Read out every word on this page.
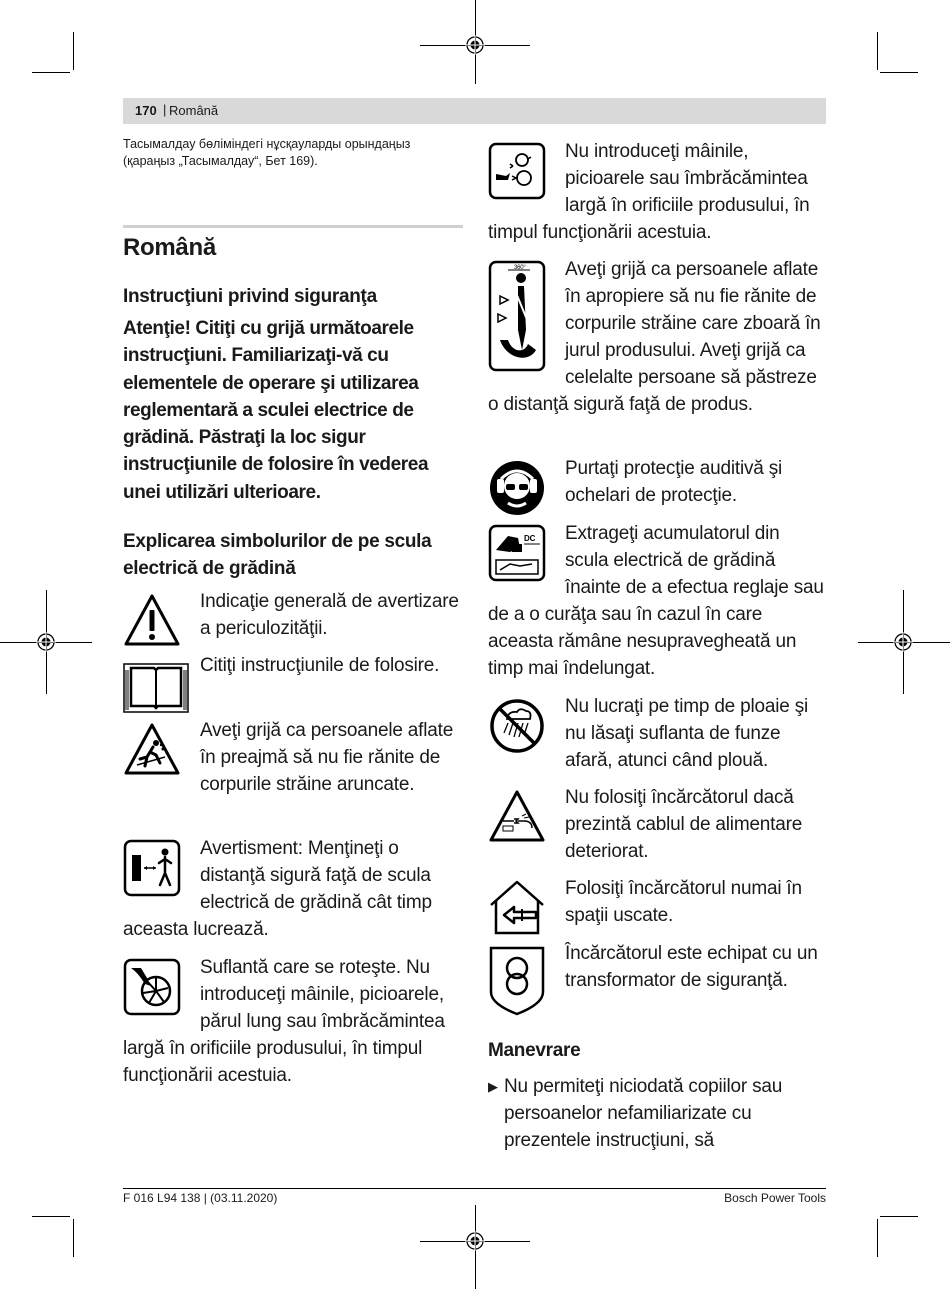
170 | Română
Тасымалдау бөліміндегі нұсқауларды орындаңыз (қараңыз „Тасымалдау“, Бет 169).
Română
Instrucţiuni privind siguranţa
Atenţie! Citiţi cu grijă următoarele instrucţiuni. Familiarizaţi-vă cu elementele de operare şi utilizarea reglementară a sculei electrice de grădină. Păstraţi la loc sigur instrucţiunile de folosire în vederea unei utilizări ulterioare.
Explicarea simbolurilor de pe scula electrică de grădină
Indicaţie generală de avertizare a periculozităţii.
Citiţi instrucţiunile de folosire.
Aveţi grijă ca persoanele aflate în preajmă să nu fie rănite de corpurile străine aruncate.
Avertisment: Menţineţi o distanţă sigură faţă de scula electrică de grădină cât timp aceasta lucrează.
Suflantă care se roteşte. Nu introduceţi mâinile, picioarele, părul lung sau îmbrăcămintea largă în orificiile produsului, în timpul funcţionării acestuia.
Nu introduceţi mâinile, picioarele sau îmbrăcămintea largă în orificiile produsului, în timpul funcţionării acestuia.
360°	Aveţi grijă ca persoanele aflate în apropiere să nu fie rănite de corpurile străine care zboară în jurul produsului. Aveţi grijă ca celelalte persoane să păstreze o distanţă sigură faţă de produs.
Purtaţi protecţie auditivă şi ochelari de protecţie.
DC	Extrageţi acumulatorul din scula electrică de grădină înainte de a efectua reglaje sau de a o curăţa sau în cazul în care aceasta rămâne nesupravegheată un timp mai îndelungat.
Nu lucraţi pe timp de ploaie şi nu lăsaţi suflanta de funze afară, atunci când plouă.
Nu folosiţi încărcătorul dacă prezintă cablul de alimentare deteriorat.
Folosiţi încărcătorul numai în spaţii uscate.
Încărcătorul este echipat cu un transformator de siguranţă.
Manevrare
▶ Nu permiteţi niciodată copiilor sau persoanelor nefamiliarizate cu prezentele instrucţiuni, să
F 016 L94 138 | (03.11.2020)	Bosch Power Tools
